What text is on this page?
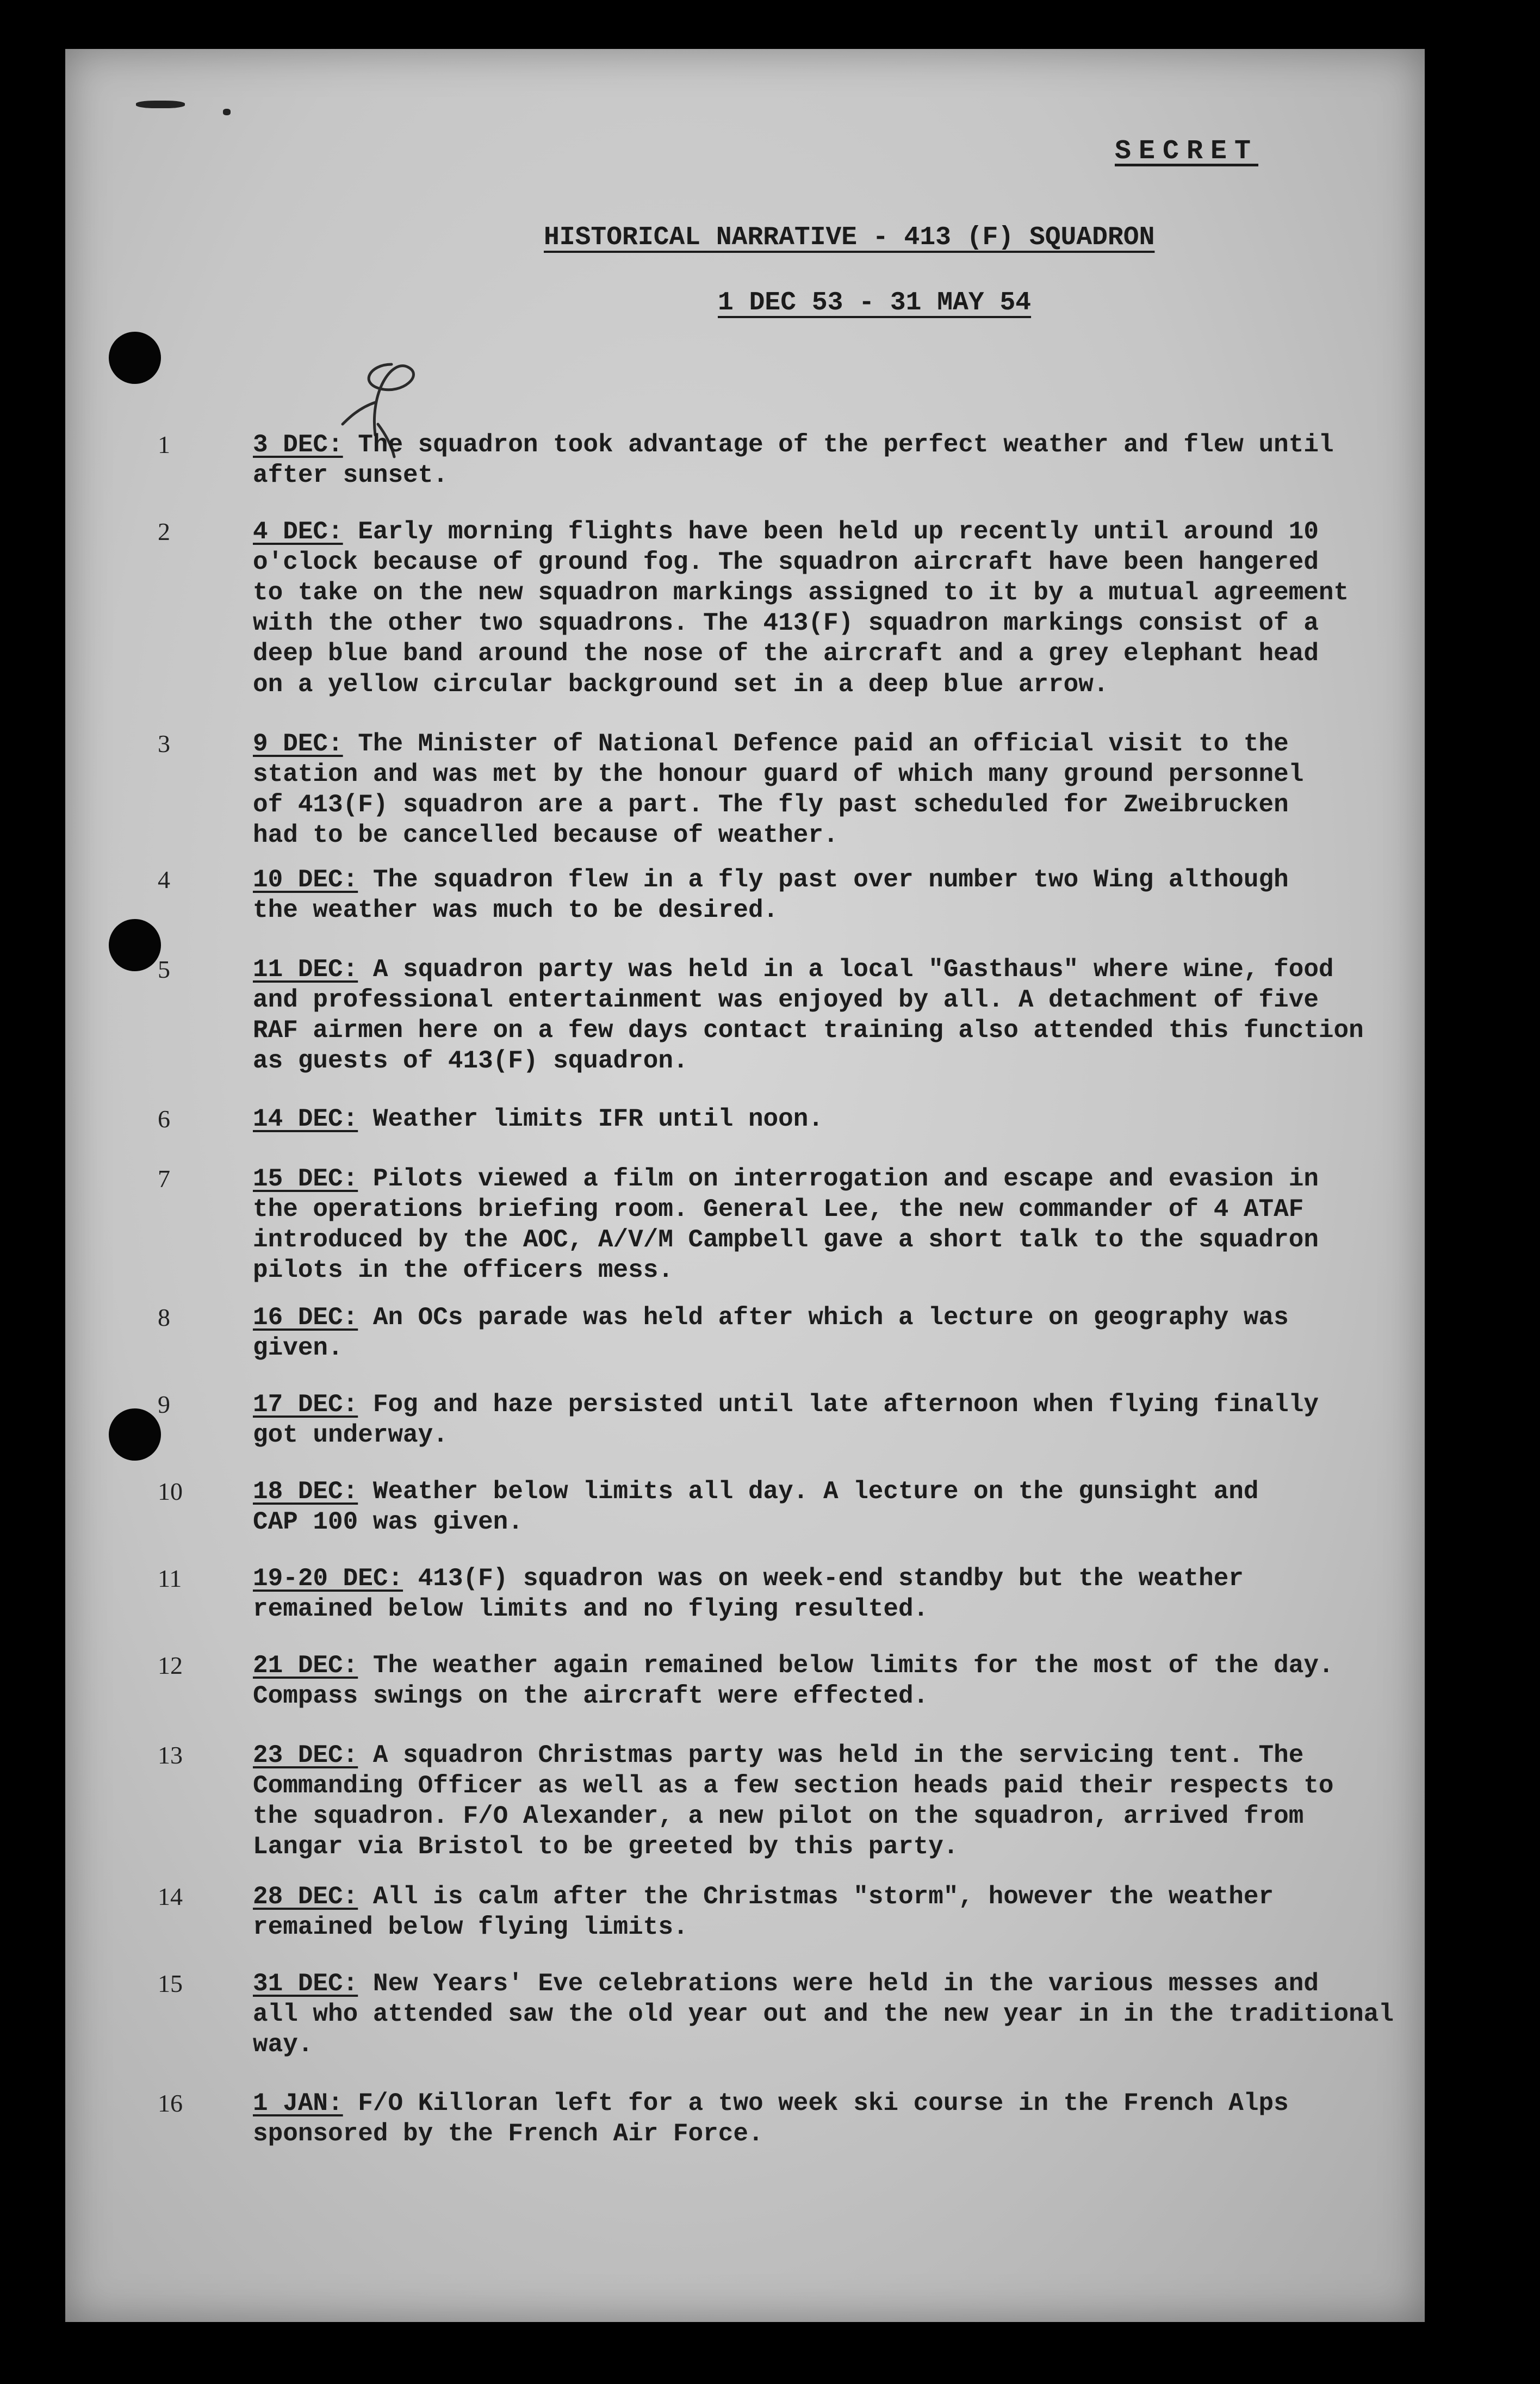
SECRET
HISTORICAL NARRATIVE - 413 (F) SQUADRON
1 DEC 53 - 31 MAY 54
1	3 DEC: The squadron took advantage of the perfect weather and flew until
after sunset.
2	4 DEC: Early morning flights have been held up recently until around 10
o'clock because of ground fog. The squadron aircraft have been hangered
to take on the new squadron markings assigned to it by a mutual agreement
with the other two squadrons. The 413(F) squadron markings consist of a
deep blue band around the nose of the aircraft and a grey elephant head
on a yellow circular background set in a deep blue arrow.
3	9 DEC: The Minister of National Defence paid an official visit to the
station and was met by the honour guard of which many ground personnel
of 413(F) squadron are a part. The fly past scheduled for Zweibrucken
had to be cancelled because of weather.
4	10 DEC: The squadron flew in a fly past over number two Wing although
the weather was much to be desired.
5	11 DEC: A squadron party was held in a local "Gasthaus" where wine, food
and professional entertainment was enjoyed by all. A detachment of five
RAF airmen here on a few days contact training also attended this function
as guests of 413(F) squadron.
6	14 DEC: Weather limits IFR until noon.
7	15 DEC: Pilots viewed a film on interrogation and escape and evasion in
the operations briefing room. General Lee, the new commander of 4 ATAF
introduced by the AOC, A/V/M Campbell gave a short talk to the squadron
pilots in the officers mess.
8	16 DEC: An OCs parade was held after which a lecture on geography was
given.
9	17 DEC: Fog and haze persisted until late afternoon when flying finally
got underway.
10	18 DEC: Weather below limits all day. A lecture on the gunsight and
CAP 100 was given.
11	19-20 DEC: 413(F) squadron was on week-end standby but the weather
remained below limits and no flying resulted.
12	21 DEC: The weather again remained below limits for the most of the day.
Compass swings on the aircraft were effected.
13	23 DEC: A squadron Christmas party was held in the servicing tent. The
Commanding Officer as well as a few section heads paid their respects to
the squadron. F/O Alexander, a new pilot on the squadron, arrived from
Langar via Bristol to be greeted by this party.
14	28 DEC: All is calm after the Christmas "storm", however the weather
remained below flying limits.
15	31 DEC: New Years' Eve celebrations were held in the various messes and
all who attended saw the old year out and the new year in in the traditional
way.
16	1 JAN: F/O Killoran left for a two week ski course in the French Alps
sponsored by the French Air Force.
